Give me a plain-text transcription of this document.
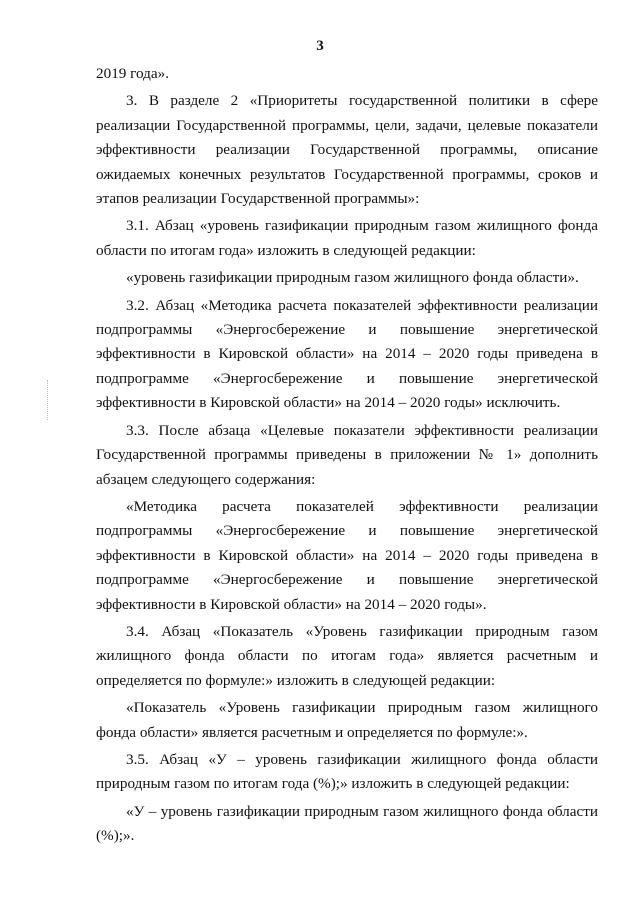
3

2019 года».

3. В разделе 2 «Приоритеты государственной политики в сфере реализации Государственной программы, цели, задачи, целевые показатели эффективности реализации Государственной программы, описание ожидаемых конечных результатов Государственной программы, сроков и этапов реализации Государственной программы»:

3.1. Абзац «уровень газификации природным газом жилищного фонда области по итогам года» изложить в следующей редакции:

«уровень газификации природным газом жилищного фонда области».

3.2. Абзац «Методика расчета показателей эффективности реализации подпрограммы «Энергосбережение и повышение энергетической эффективности в Кировской области» на 2014 – 2020 годы приведена в подпрограмме «Энергосбережение и повышение энергетической эффективности в Кировской области» на 2014 – 2020 годы» исключить.

3.3. После абзаца «Целевые показатели эффективности реализации Государственной программы приведены в приложении № 1» дополнить абзацем следующего содержания:

«Методика расчета показателей эффективности реализации подпрограммы «Энергосбережение и повышение энергетической эффективности в Кировской области» на 2014 – 2020 годы приведена в подпрограмме «Энергосбережение и повышение энергетической эффективности в Кировской области» на 2014 – 2020 годы».

3.4. Абзац «Показатель «Уровень газификации природным газом жилищного фонда области по итогам года» является расчетным и определяется по формуле:» изложить в следующей редакции:

«Показатель «Уровень газификации природным газом жилищного фонда области» является расчетным и определяется по формуле:».

3.5. Абзац «У – уровень газификации жилищного фонда области природным газом по итогам года (%);» изложить в следующей редакции:

«У – уровень газификации природным газом жилищного фонда области (%);».
